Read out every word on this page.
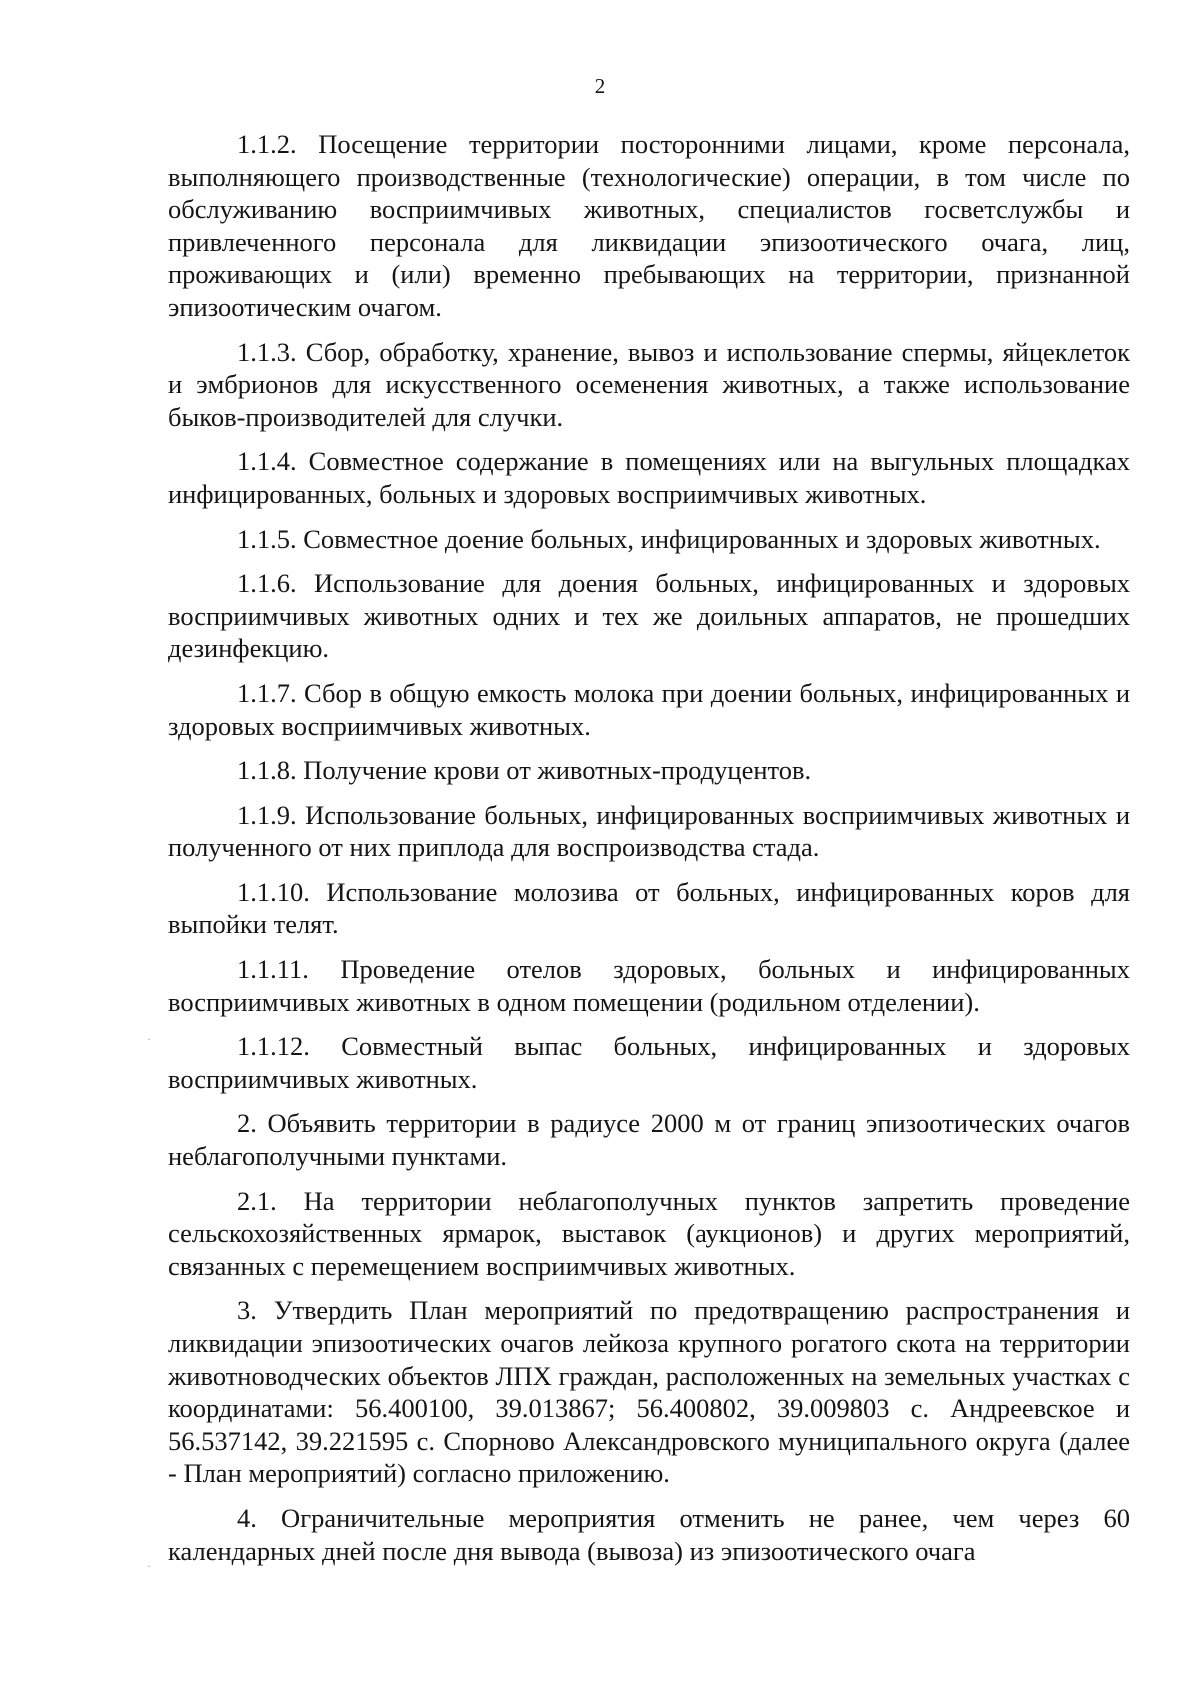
2

1.1.2. Посещение территории посторонними лицами, кроме персонала, выполняющего производственные (технологические) операции, в том числе по обслуживанию восприимчивых животных, специалистов госветслужбы и привлеченного персонала для ликвидации эпизоотического очага, лиц, проживающих и (или) временно пребывающих на территории, признанной эпизоотическим очагом.

1.1.3. Сбор, обработку, хранение, вывоз и использование спермы, яйцеклеток и эмбрионов для искусственного осеменения животных, а также использование быков-производителей для случки.

1.1.4. Совместное содержание в помещениях или на выгульных площадках инфицированных, больных и здоровых восприимчивых животных.

1.1.5. Совместное доение больных, инфицированных и здоровых животных.

1.1.6. Использование для доения больных, инфицированных и здоровых восприимчивых животных одних и тех же доильных аппаратов, не прошедших дезинфекцию.

1.1.7. Сбор в общую емкость молока при доении больных, инфицированных и здоровых восприимчивых животных.

1.1.8. Получение крови от животных-продуцентов.

1.1.9. Использование больных, инфицированных восприимчивых животных и полученного от них приплода для воспроизводства стада.

1.1.10. Использование молозива от больных, инфицированных коров для выпойки телят.

1.1.11. Проведение отелов здоровых, больных и инфицированных восприимчивых животных в одном помещении (родильном отделении).

1.1.12. Совместный выпас больных, инфицированных и здоровых восприимчивых животных.

2. Объявить территории в радиусе 2000 м от границ эпизоотических очагов неблагополучными пунктами.

2.1. На территории неблагополучных пунктов запретить проведение сельскохозяйственных ярмарок, выставок (аукционов) и других мероприятий, связанных с перемещением восприимчивых животных.

3. Утвердить План мероприятий по предотвращению распространения и ликвидации эпизоотических очагов лейкоза крупного рогатого скота на территории животноводческих объектов ЛПХ граждан, расположенных на земельных участках с координатами: 56.400100, 39.013867; 56.400802, 39.009803 с. Андреевское и 56.537142, 39.221595 с. Спорново Александровского муниципального округа (далее - План мероприятий) согласно приложению.

4. Ограничительные мероприятия отменить не ранее, чем через 60 календарных дней после дня вывода (вывоза) из эпизоотического очага

·
·
